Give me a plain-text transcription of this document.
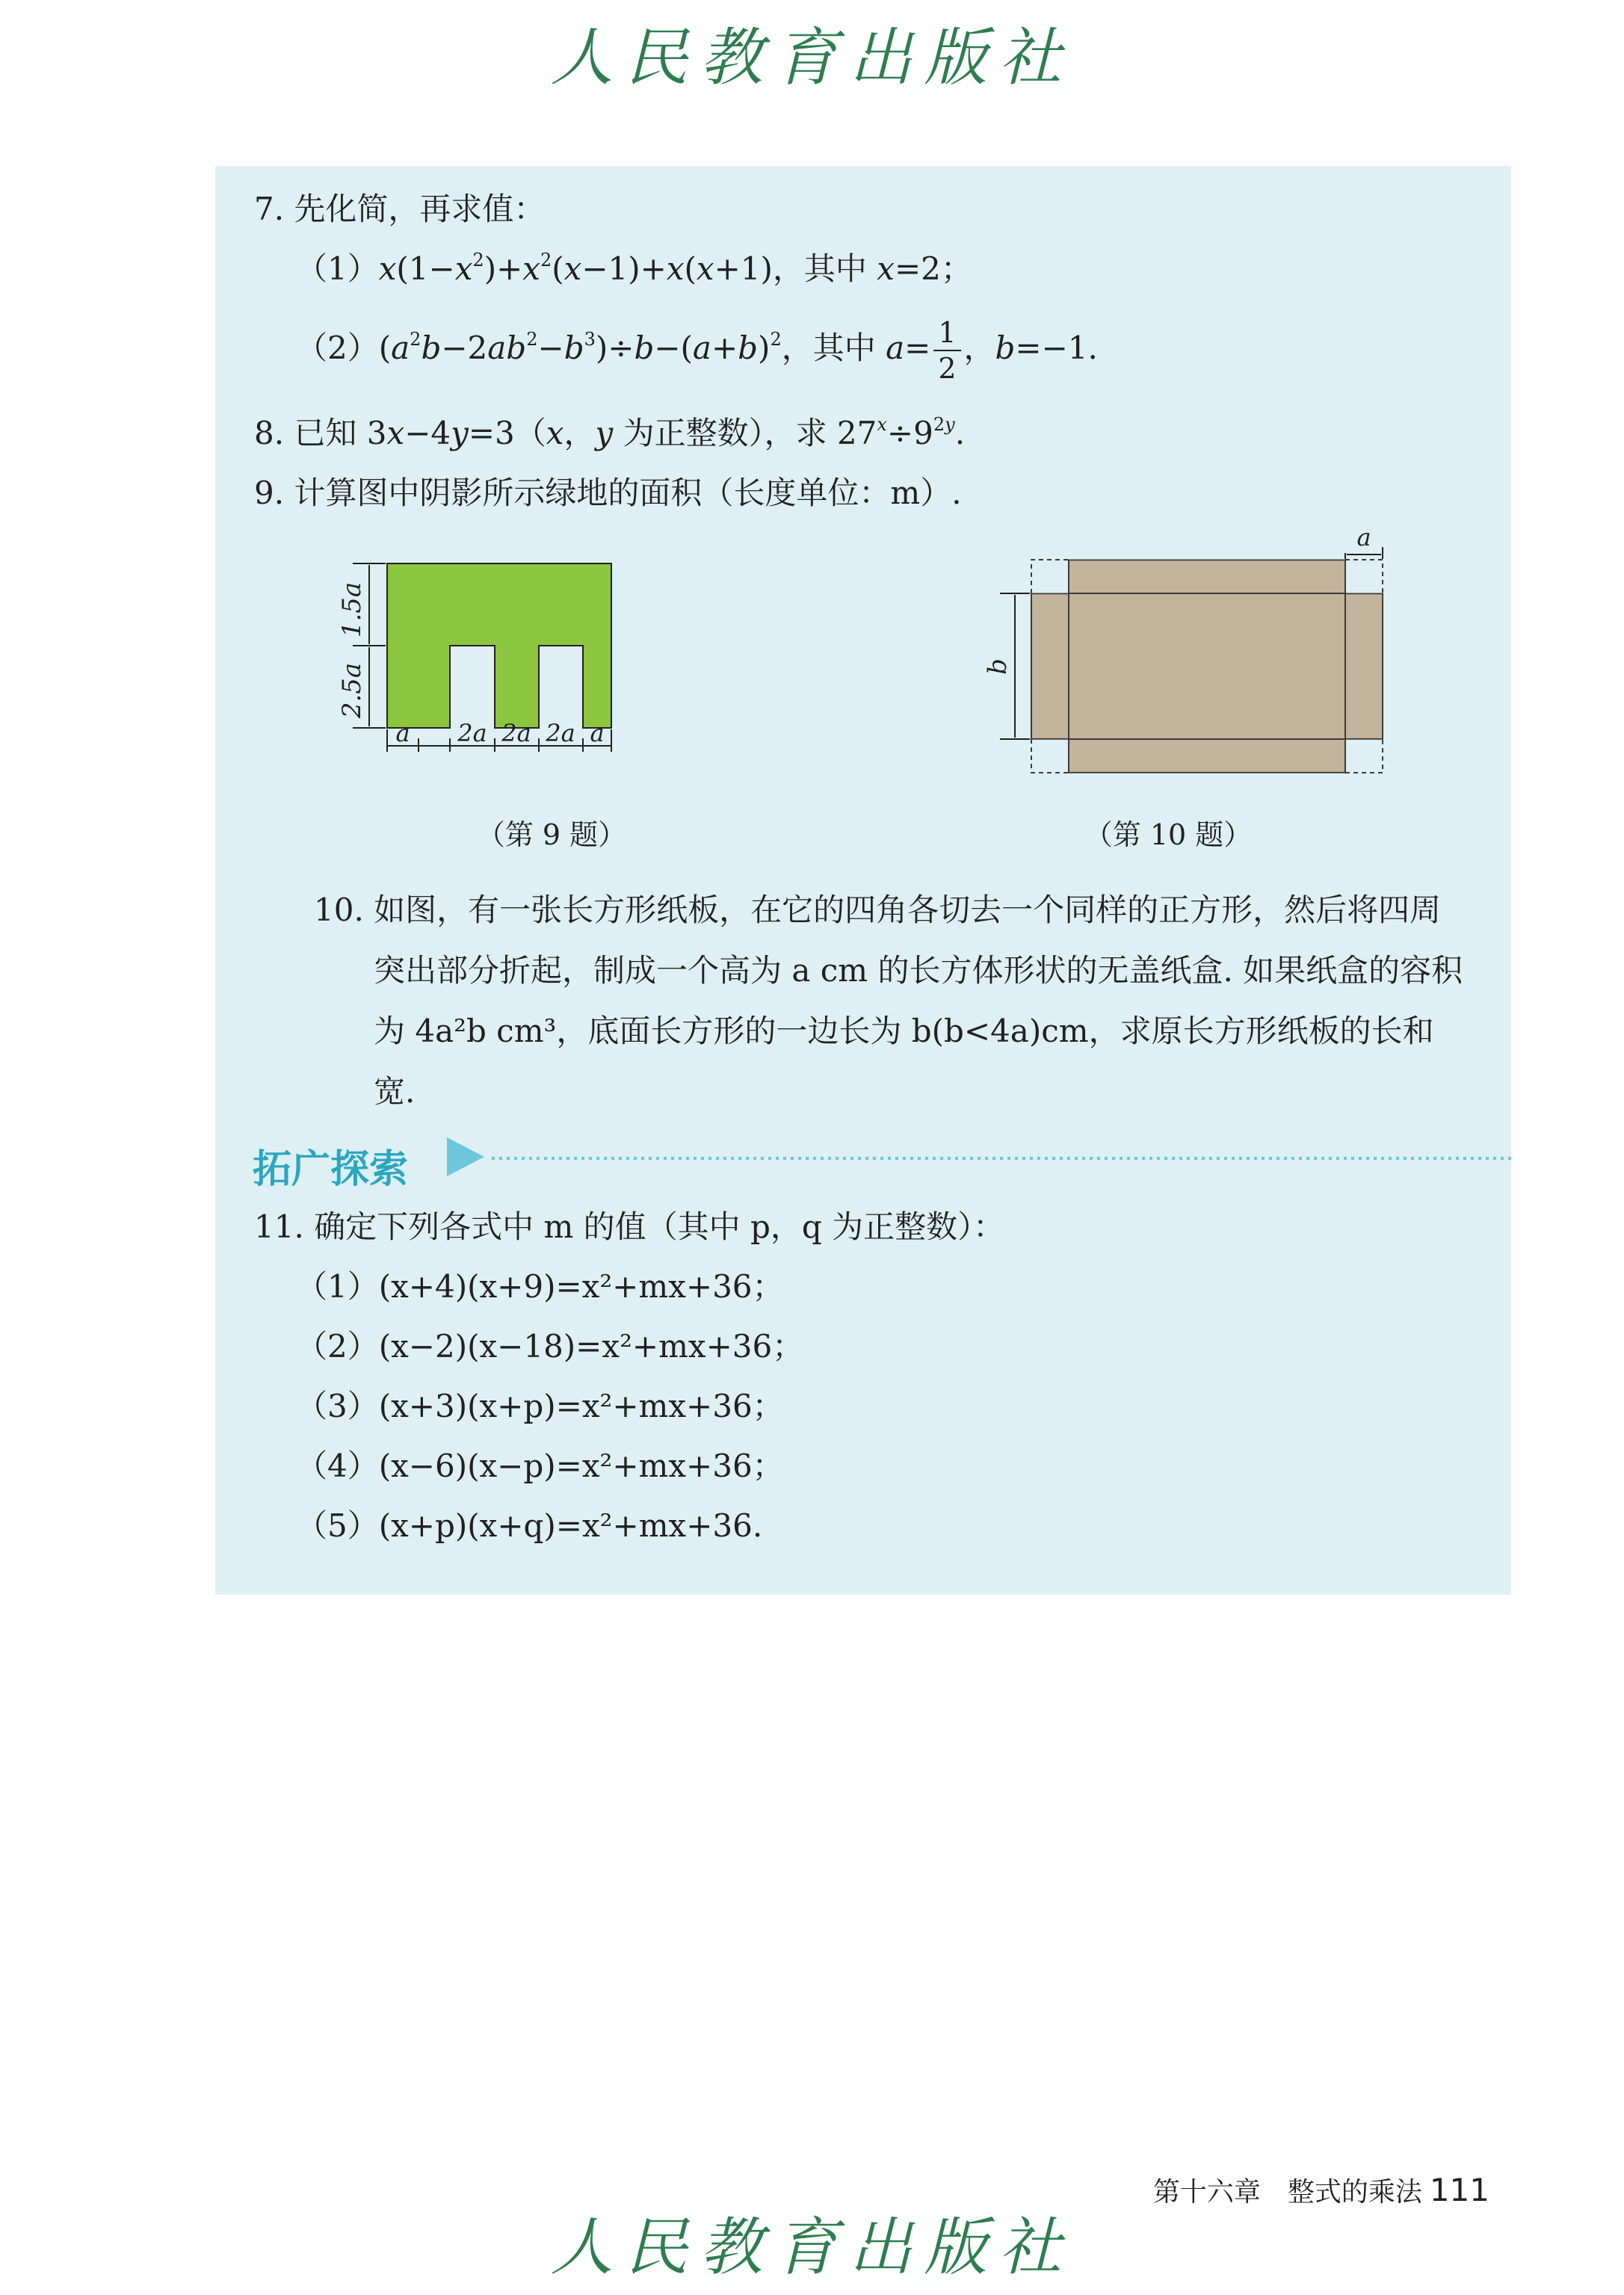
人民教育出版社
7. 先化简，再求值：
$(1)x(1-x^2)+x^2(x-1)+x(x+1)$，其中 x=2；
$(2)(a^2b-2ab^2-b^3)\div b-(a+b)^2$，其中 $a= \frac{1}{2}$ ，b=−1.
8. 已知 3x−4y=3（x，y 为正整数），求 $27^x\div 9^{2y}$.
9. 计算图中阴影所示绿地的面积（长度单位：m）.
1.5a
2.5a
a 2a 2a 2a a
（第 9 题）
b
a
（第 10 题）
10. 如图，有一张长方形纸板，在它的四角各切去一个同样的正方形，然后将四周突出部分折起，制成一个高为 a cm 的长方体形状的无盖纸盒. 如果纸盒的容积为 4a²b cm³，底面长方形的一边长为 b(b<4a)cm，求原长方形纸板的长和宽.
拓广探索
11. 确定下列各式中 m 的值（其中 p，q 为正整数）：
（1）(x+4)(x+9)=x²+mx+36；
（2）(x−2)(x−18)=x²+mx+36；
（3）(x+3)(x+p)=x²+mx+36；
（4）(x−6)(x−p)=x²+mx+36；
（5）(x+p)(x+q)=x²+mx+36.
第十六章　整式的乘法 111
人民教育出版社
